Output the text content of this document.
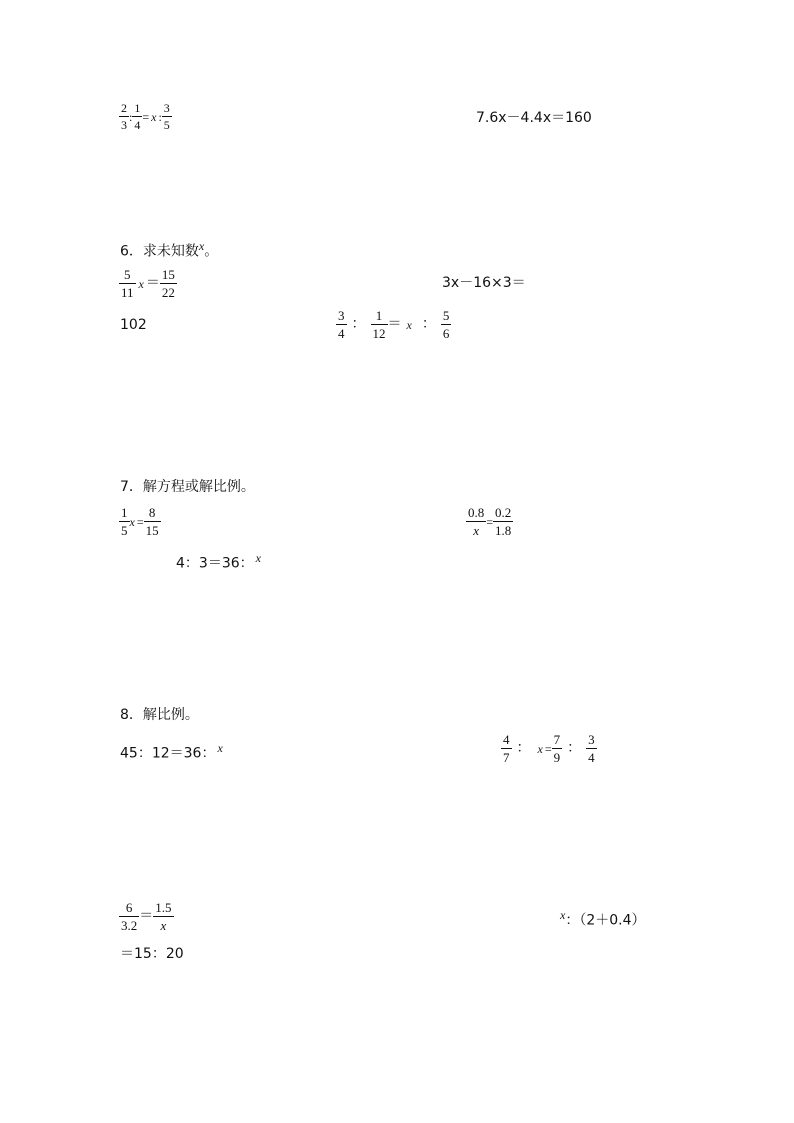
$\frac{2}{3}$ : $\frac{1}{4} = x$ : $\frac{3}{5}$	7.6x－4.4x＝160
6．求未知数x。
$\frac{5}{11}$ $x = \frac{15}{22}$	3x－16×3＝
102	$\frac{3}{4}$ ： $\frac{1}{12} = x$ ： $\frac{5}{6}$
7．解方程或解比例。
$\frac{1}{5}$ $x = \frac{8}{15}$	$\frac{0.8}{x} = \frac{0.2}{1.8}$
4：3＝36： x
8．解比例。
45：12＝36： x	$\frac{4}{7}$ ： $x = \frac{7}{9}$ ： $\frac{3}{4}$
$\frac{6}{3.2} = \frac{1.5}{x}$
＝15：20
x：（2＋0.4）
